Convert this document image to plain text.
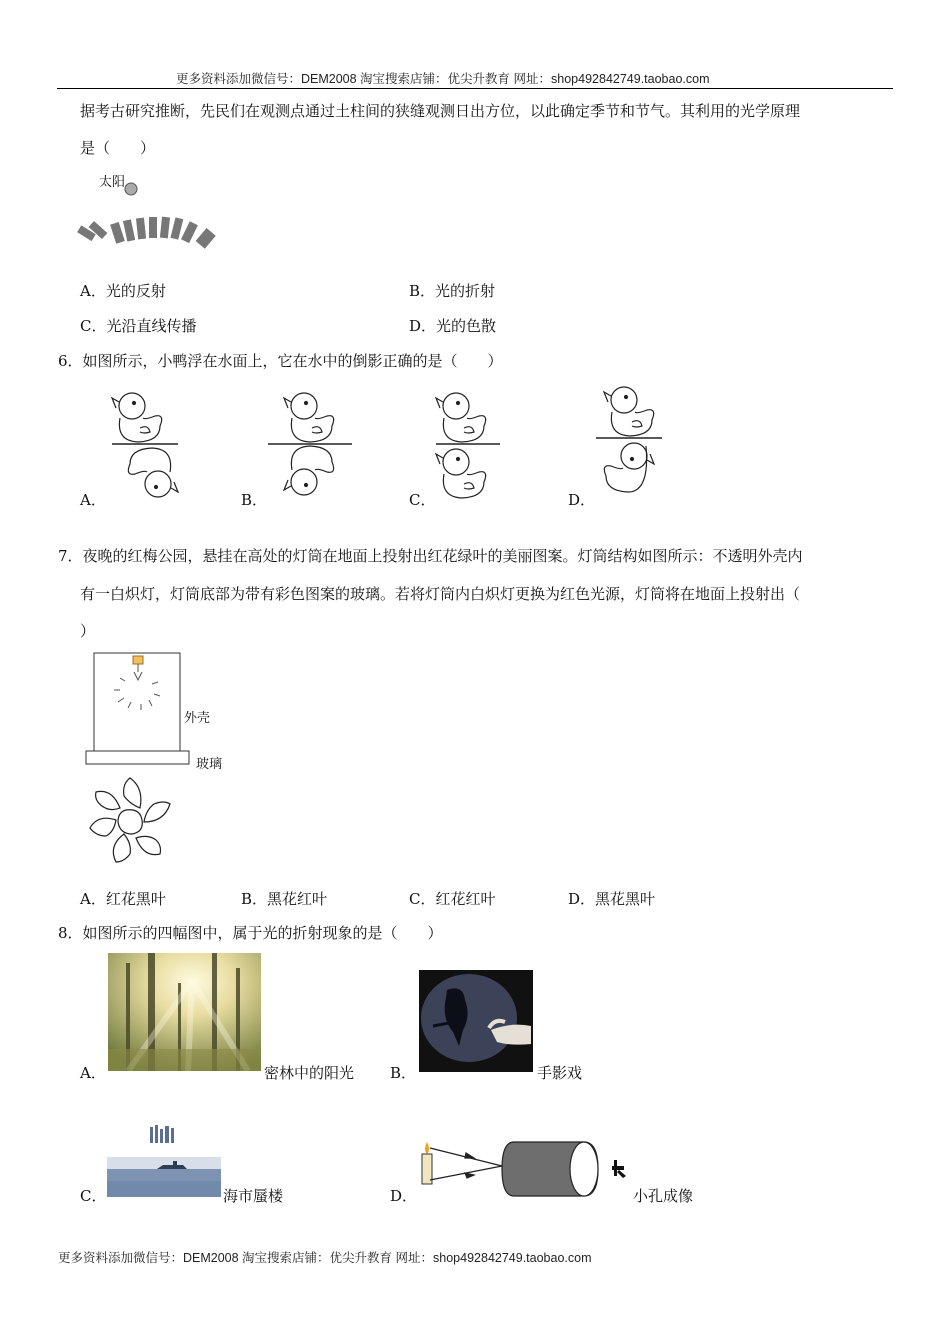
更多资料添加微信号：DEM2008 淘宝搜索店铺：优尖升教育 网址：shop492842749.taobao.com
据考古研究推断，先民们在观测点通过土柱间的狭缝观测日出方位，以此确定季节和节气。其利用的光学原理
是（　　）
太阳
A．光的反射	B．光的折射
C．光沿直线传播	D．光的色散
6．如图所示，小鸭浮在水面上，它在水中的倒影正确的是（　　）
A．	B．	C．	D．
7．夜晚的红梅公园，悬挂在高处的灯筒在地面上投射出红花绿叶的美丽图案。灯筒结构如图所示：不透明外壳内
有一白炽灯，灯筒底部为带有彩色图案的玻璃。若将灯筒内白炽灯更换为红色光源，灯筒将在地面上投射出（
）
外壳
玻璃
A．红花黑叶	B．黑花红叶	C．红花红叶	D．黑花黑叶
8．如图所示的四幅图中，属于光的折射现象的是（　　）
A．	密林中的阳光 B．	手影戏
C．	海市蜃楼	D．	小孔成像
更多资料添加微信号：DEM2008 淘宝搜索店铺：优尖升教育 网址：shop492842749.taobao.com
